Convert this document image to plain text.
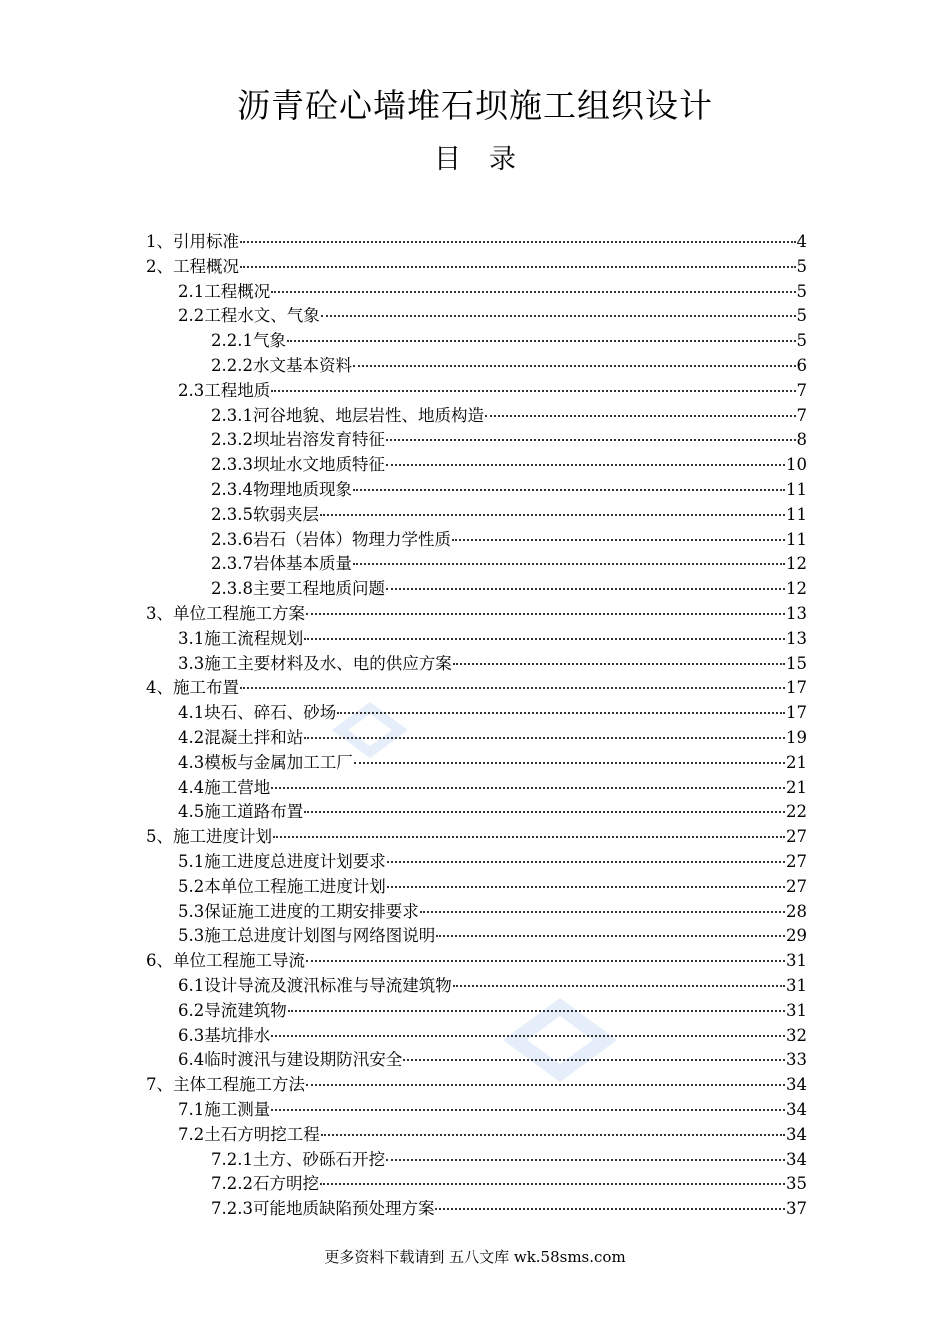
沥青砼心墙堆石坝施工组织设计
目录
1、引用标准	4
2、工程概况	5
2.1工程概况	5
2.2工程水文、气象	5
2.2.1气象	5
2.2.2水文基本资料	6
2.3工程地质	7
2.3.1河谷地貌、地层岩性、地质构造	7
2.3.2坝址岩溶发育特征	8
2.3.3坝址水文地质特征	10
2.3.4物理地质现象	11
2.3.5软弱夹层	11
2.3.6岩石（岩体）物理力学性质	11
2.3.7岩体基本质量	12
2.3.8主要工程地质问题	12
3、单位工程施工方案	13
3.1施工流程规划	13
3.3施工主要材料及水、电的供应方案	15
4、施工布置	17
4.1块石、碎石、砂场	17
4.2混凝土拌和站	19
4.3模板与金属加工工厂	21
4.4施工营地	21
4.5施工道路布置	22
5、施工进度计划	27
5.1施工进度总进度计划要求	27
5.2本单位工程施工进度计划	27
5.3保证施工进度的工期安排要求	28
5.3施工总进度计划图与网络图说明	29
6、单位工程施工导流	31
6.1设计导流及渡汛标准与导流建筑物	31
6.2导流建筑物	31
6.3基坑排水	32
6.4临时渡汛与建设期防汛安全	33
7、主体工程施工方法	34
7.1施工测量	34
7.2土石方明挖工程	34
7.2.1土方、砂砾石开挖	34
7.2.2石方明挖	35
7.2.3可能地质缺陷预处理方案	37
更多资料下载请到 五八文库 wk.58sms.com
